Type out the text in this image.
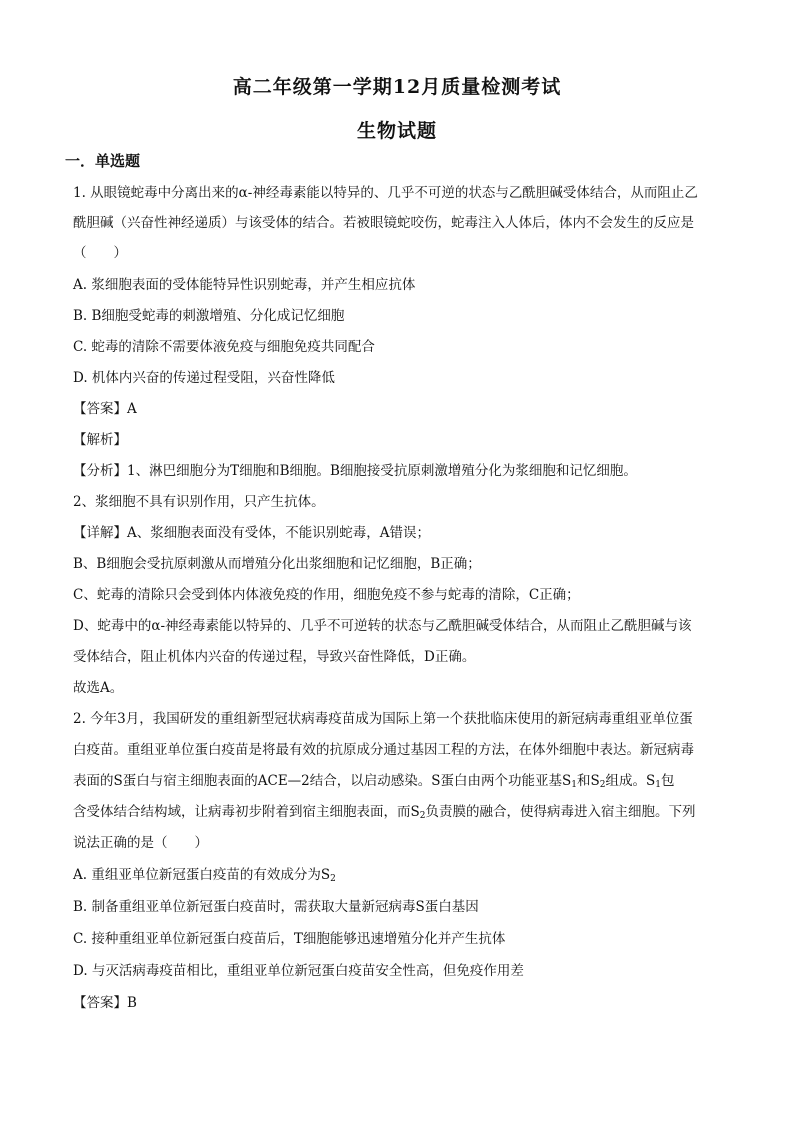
高二年级第一学期12月质量检测考试
生物试题
一．单选题
1. 从眼镜蛇毒中分离出来的α-神经毒素能以特异的、几乎不可逆的状态与乙酰胆碱受体结合，从而阻止乙
酰胆碱（兴奋性神经递质）与该受体的结合。若被眼镜蛇咬伤，蛇毒注入人体后，体内不会发生的反应是
（　　）
A. 浆细胞表面的受体能特异性识别蛇毒，并产生相应抗体
B. B细胞受蛇毒的刺激增殖、分化成记忆细胞
C. 蛇毒的清除不需要体液免疫与细胞免疫共同配合
D. 机体内兴奋的传递过程受阻，兴奋性降低
【答案】A
【解析】
【分析】1、淋巴细胞分为T细胞和B细胞。B细胞接受抗原刺激增殖分化为浆细胞和记忆细胞。
2、浆细胞不具有识别作用，只产生抗体。
【详解】A、浆细胞表面没有受体，不能识别蛇毒，A错误；
B、B细胞会受抗原刺激从而增殖分化出浆细胞和记忆细胞，B正确；
C、蛇毒的清除只会受到体内体液免疫的作用，细胞免疫不参与蛇毒的清除，C正确；
D、蛇毒中的α-神经毒素能以特异的、几乎不可逆转的状态与乙酰胆碱受体结合，从而阻止乙酰胆碱与该
受体结合，阻止机体内兴奋的传递过程，导致兴奋性降低，D正确。
故选A。
2. 今年3月，我国研发的重组新型冠状病毒疫苗成为国际上第一个获批临床使用的新冠病毒重组亚单位蛋
白疫苗。重组亚单位蛋白疫苗是将最有效的抗原成分通过基因工程的方法，在体外细胞中表达。新冠病毒
表面的S蛋白与宿主细胞表面的ACE—2结合，以启动感染。S蛋白由两个功能亚基$S_1$和$S_2$组成。$S_1$包
含受体结合结构域，让病毒初步附着到宿主细胞表面，而$S_2$负责膜的融合，使得病毒进入宿主细胞。下列
说法正确的是（　　）
A. 重组亚单位新冠蛋白疫苗的有效成分为$S_2$
B. 制备重组亚单位新冠蛋白疫苗时，需获取大量新冠病毒S蛋白基因
C. 接种重组亚单位新冠蛋白疫苗后，T细胞能够迅速增殖分化并产生抗体
D. 与灭活病毒疫苗相比，重组亚单位新冠蛋白疫苗安全性高，但免疫作用差
【答案】B
